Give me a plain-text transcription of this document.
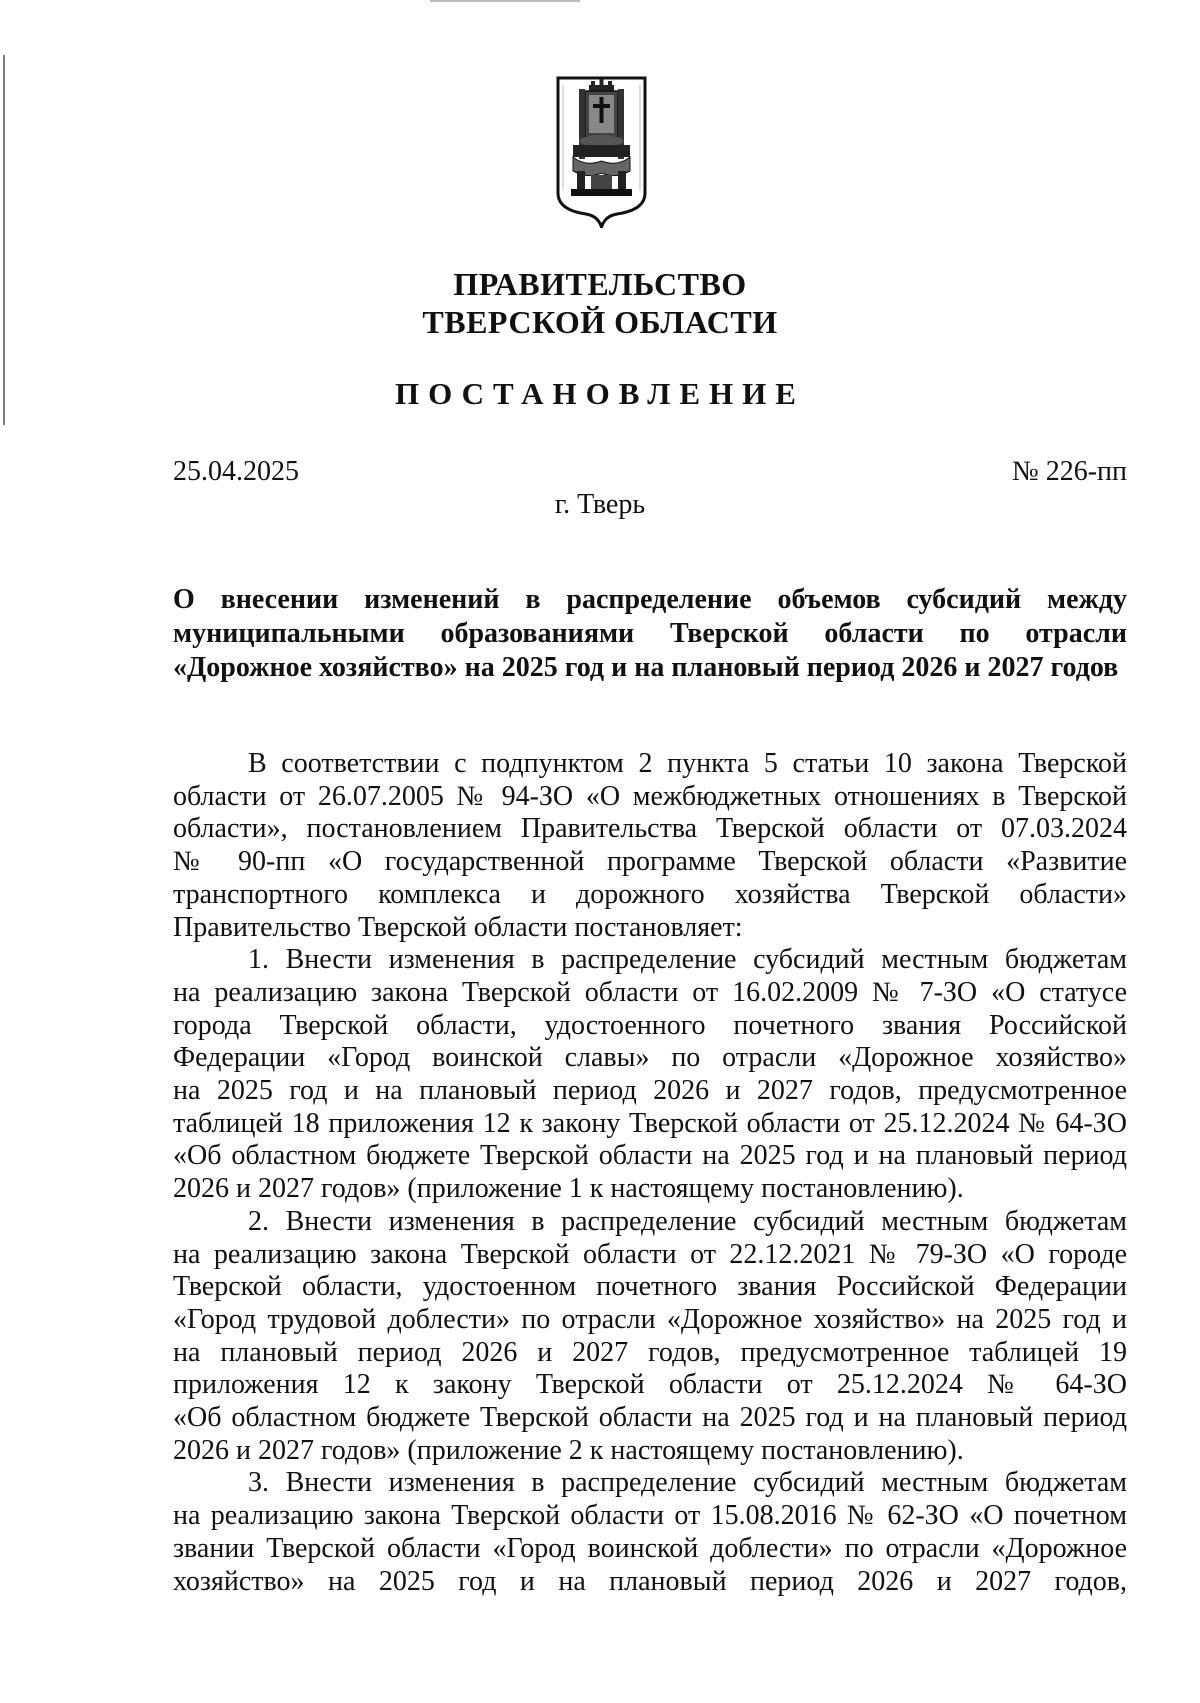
ПРАВИТЕЛЬСТВО
ТВЕРСКОЙ ОБЛАСТИ
ПОСТАНОВЛЕНИЕ
25.04.2025	№ 226-пп
г. Тверь
О внесении изменений в распределение объемов субсидий между
муниципальными образованиями Тверской области по отрасли
«Дорожное хозяйство» на 2025 год и на плановый период 2026 и 2027 годов
В соответствии с подпунктом 2 пункта 5 статьи 10 закона Тверской
области от 26.07.2005 № 94-ЗО «О межбюджетных отношениях в Тверской
области», постановлением Правительства Тверской области от 07.03.2024
№ 90-пп «О государственной программе Тверской области «Развитие
транспортного комплекса и дорожного хозяйства Тверской области»
Правительство Тверской области постановляет:
1. Внести изменения в распределение субсидий местным бюджетам
на реализацию закона Тверской области от 16.02.2009 № 7-ЗО «О статусе
города Тверской области, удостоенного почетного звания Российской
Федерации «Город воинской славы» по отрасли «Дорожное хозяйство»
на 2025 год и на плановый период 2026 и 2027 годов, предусмотренное
таблицей 18 приложения 12 к закону Тверской области от 25.12.2024 № 64-ЗО
«Об областном бюджете Тверской области на 2025 год и на плановый период
2026 и 2027 годов» (приложение 1 к настоящему постановлению).
2. Внести изменения в распределение субсидий местным бюджетам
на реализацию закона Тверской области от 22.12.2021 № 79-ЗО «О городе
Тверской области, удостоенном почетного звания Российской Федерации
«Город трудовой доблести» по отрасли «Дорожное хозяйство» на 2025 год и
на плановый период 2026 и 2027 годов, предусмотренное таблицей 19
приложения 12 к закону Тверской области от 25.12.2024 № 64-ЗО
«Об областном бюджете Тверской области на 2025 год и на плановый период
2026 и 2027 годов» (приложение 2 к настоящему постановлению).
3. Внести изменения в распределение субсидий местным бюджетам
на реализацию закона Тверской области от 15.08.2016 № 62-ЗО «О почетном
звании Тверской области «Город воинской доблести» по отрасли «Дорожное
хозяйство» на 2025 год и на плановый период 2026 и 2027 годов,
